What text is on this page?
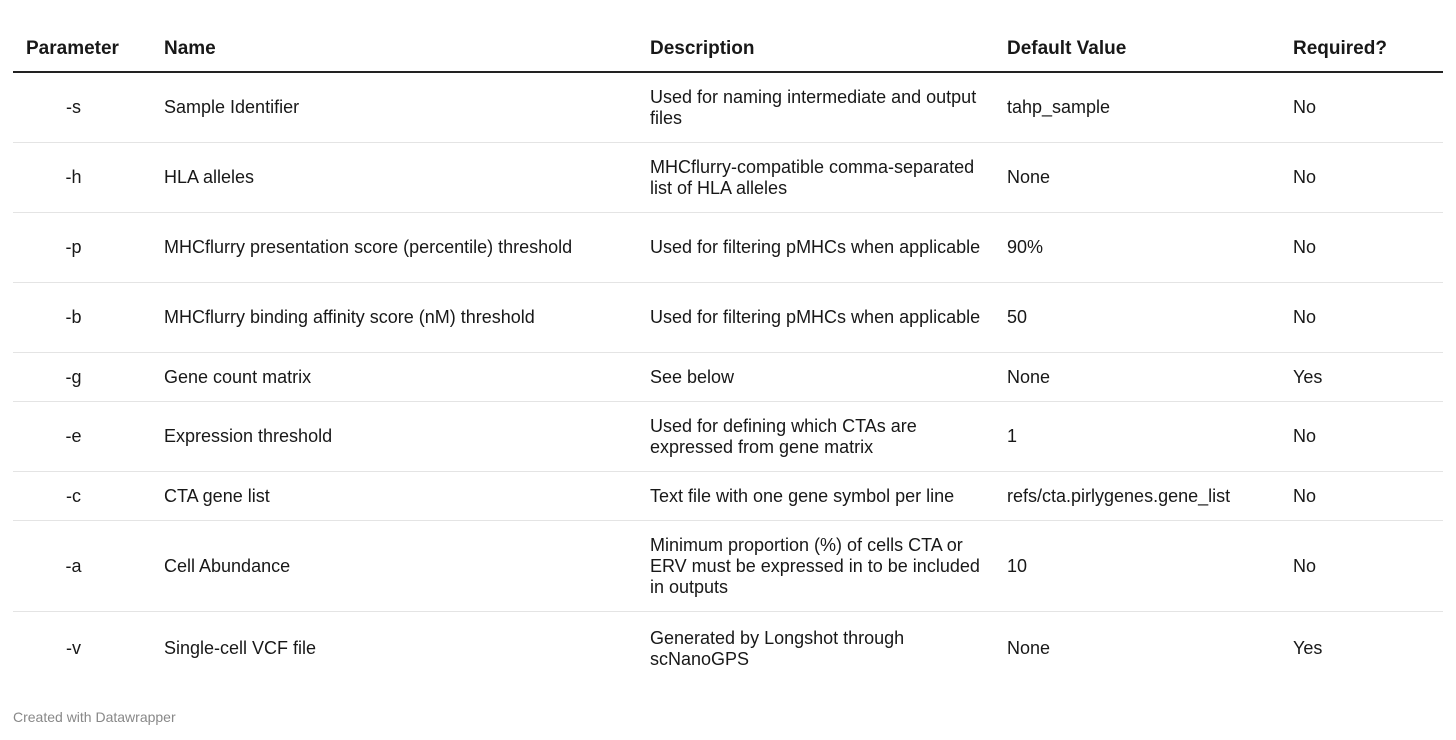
Parameter	Name	Description	Default Value	Required?
-s	Sample Identifier	Used for naming intermediate and output files	tahp_sample	No
-h	HLA alleles	MHCflurry-compatible comma-separated list of HLA alleles	None	No
-p	MHCflurry presentation score (percentile) threshold	Used for filtering pMHCs when applicable	90%	No
-b	MHCflurry binding affinity score (nM) threshold	Used for filtering pMHCs when applicable	50	No
-g	Gene count matrix	See below	None	Yes
-e	Expression threshold	Used for defining which CTAs are expressed from gene matrix	1	No
-c	CTA gene list	Text file with one gene symbol per line	refs/cta.pirlygenes.gene_list	No
-a	Cell Abundance	Minimum proportion (%) of cells CTA or ERV must be expressed in to be included in outputs	10	No
-v	Single-cell VCF file	Generated by Longshot through scNanoGPS	None	Yes
Created with Datawrapper
